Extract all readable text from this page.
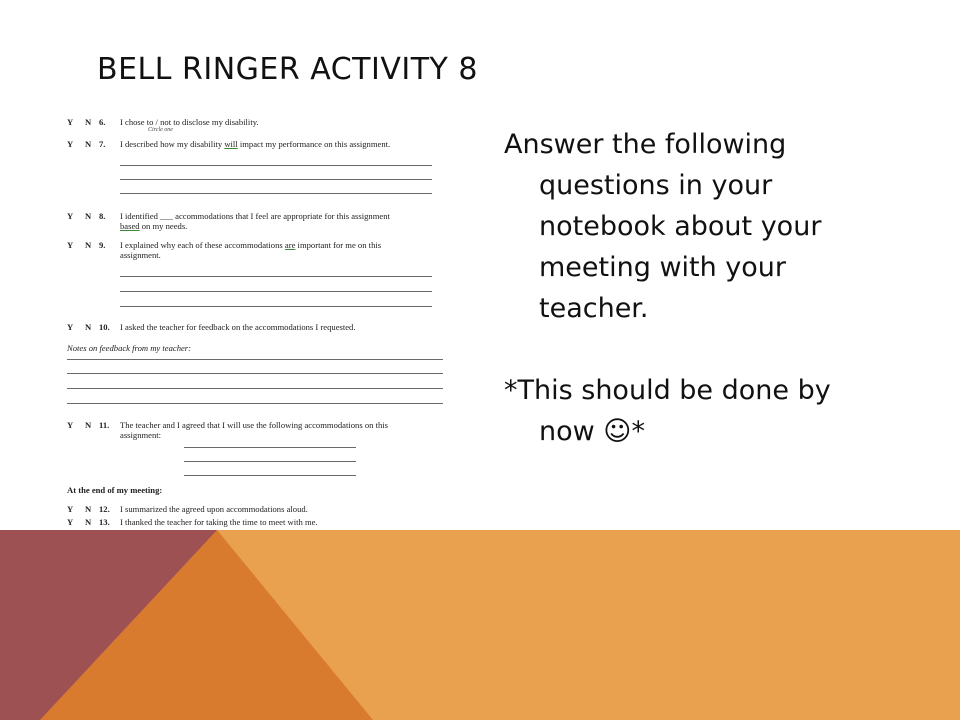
BELL RINGER ACTIVITY 8
Y N 6. I chose to / not to disclose my disability.
Circle one
Y N 7. I described how my disability will impact my performance on this assignment.
Y N 8. I identified ___ accommodations that I feel are appropriate for this assignment
based on my needs.
Y N 9. I explained why each of these accommodations are important for me on this
assignment.
Y N 10. I asked the teacher for feedback on the accommodations I requested.
Notes on feedback from my teacher:
Y N 11. The teacher and I agreed that I will use the following accommodations on this
assignment:
At the end of my meeting:
Y N 12. I summarized the agreed upon accommodations aloud.
Y N 13. I thanked the teacher for taking the time to meet with me.
Answer the following questions in your notebook about your meeting with your teacher.
*This should be done by now ☺*
